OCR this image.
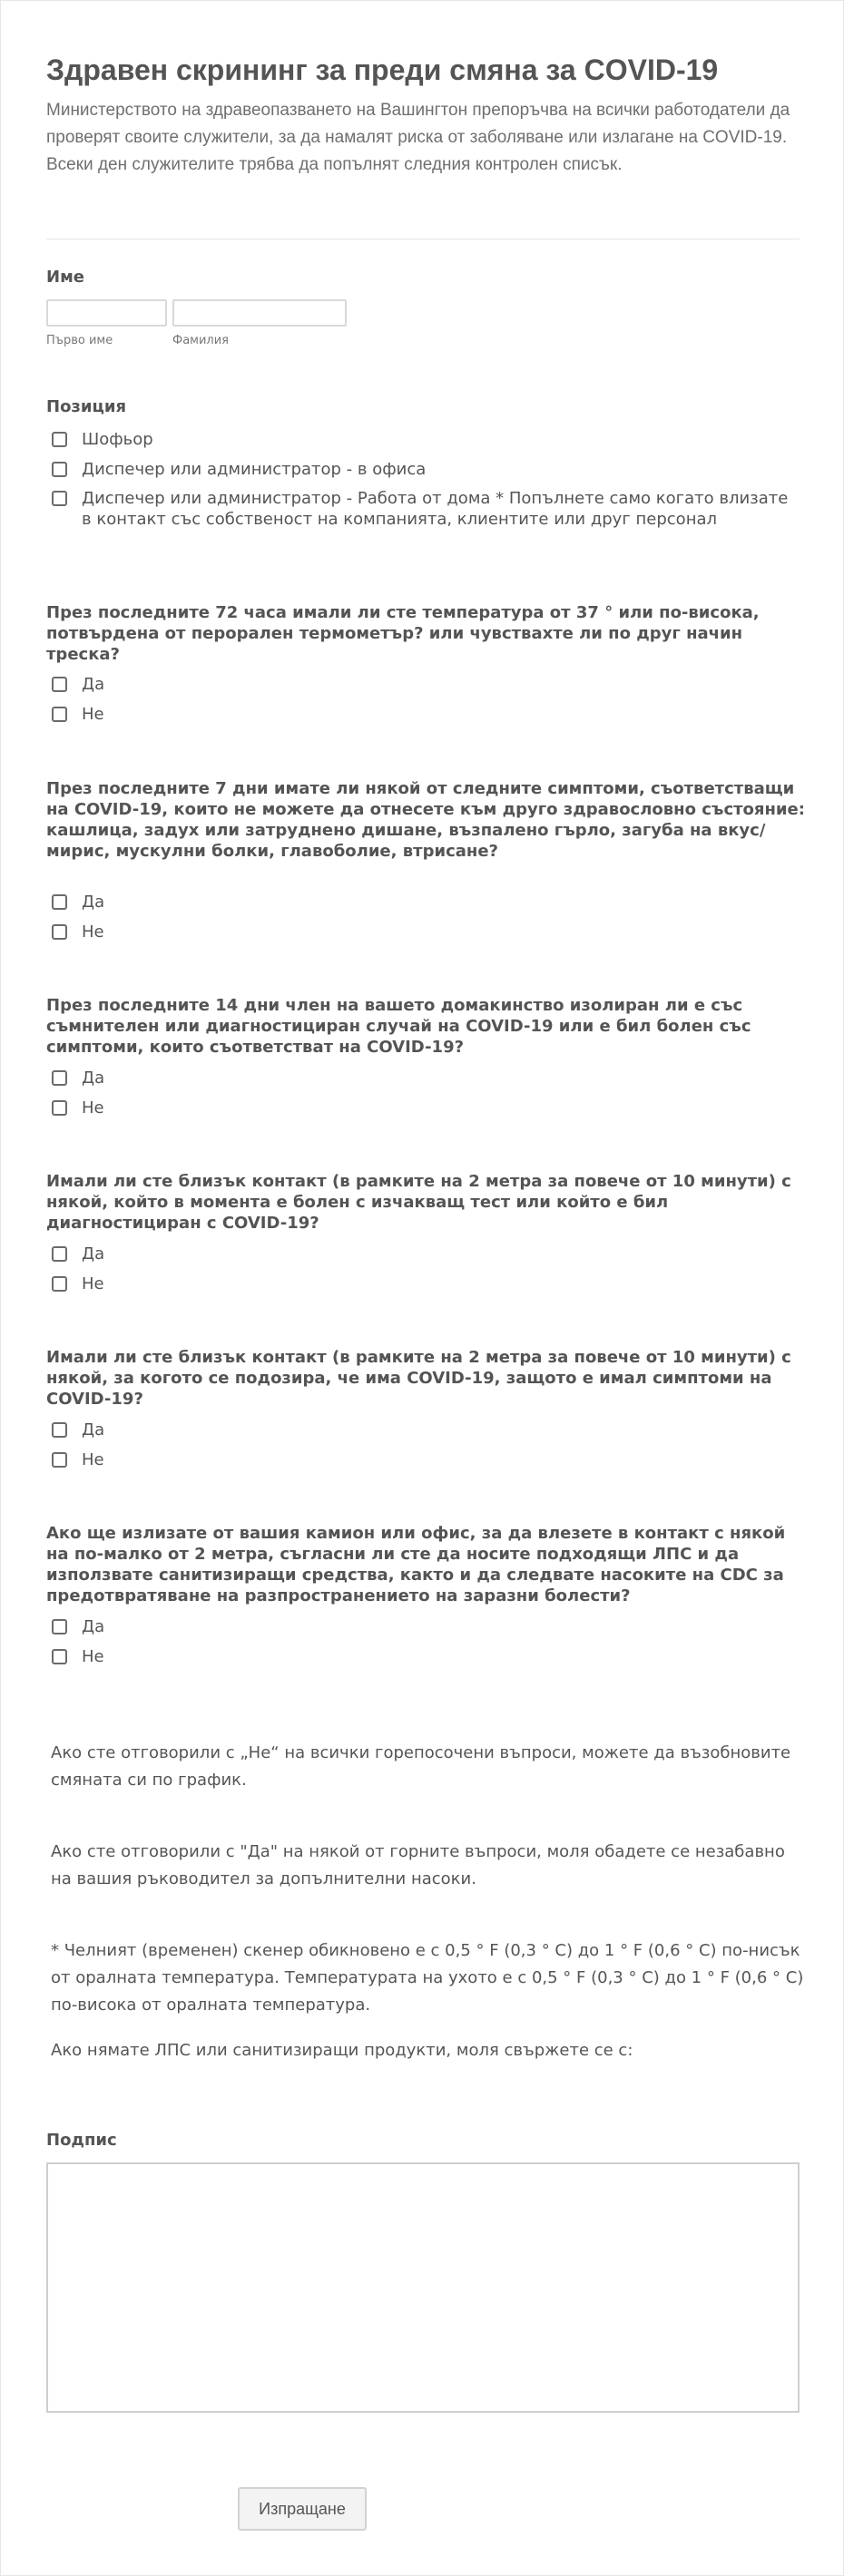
Здравен скрининг за преди смяна за COVID-19
Министерството на здравеопазването на Вашингтон препоръчва на всички работодатели да проверят своите служители, за да намалят риска от заболяване или излагане на COVID-19. Всеки ден служителите трябва да попълнят следния контролен списък.
Име
Първо име	Фамилия
Позиция
Шофьор
Диспечер или администратор - в офиса
Диспечер или администратор - Работа от дома * Попълнете само когато влизате в контакт със собственост на компанията, клиентите или друг персонал
През последните 72 часа имали ли сте температура от 37 ° или по-висока, потвърдена от перорален термометър? или чувствахте ли по друг начин треска?
Да
Не
През последните 7 дни имате ли някой от следните симптоми, съответстващи на COVID-19, които не можете да отнесете към друго здравословно състояние: кашлица, задух или затруднено дишане, възпалено гърло, загуба на вкус/мирис, мускулни болки, главоболие, втрисане?
Да
Не
През последните 14 дни член на вашето домакинство изолиран ли е със съмнителен или диагностициран случай на COVID-19 или е бил болен със симптоми, които съответстват на COVID-19?
Да
Не
Имали ли сте близък контакт (в рамките на 2 метра за повече от 10 минути) с някой, който в момента е болен с изчакващ тест или който е бил диагностициран с COVID-19?
Да
Не
Имали ли сте близък контакт (в рамките на 2 метра за повече от 10 минути) с някой, за когото се подозира, че има COVID-19, защото е имал симптоми на COVID-19?
Да
Не
Ако ще излизате от вашия камион или офис, за да влезете в контакт с някой на по-малко от 2 метра, съгласни ли сте да носите подходящи ЛПС и да използвате санитизиращи средства, както и да следвате насоките на CDC за предотвратяване на разпространението на заразни болести?
Да
Не
Ако сте отговорили с „Не“ на всички горепосочени въпроси, можете да възобновите смяната си по график.
Ако сте отговорили с "Да" на някой от горните въпроси, моля обадете се незабавно на вашия ръководител за допълнителни насоки.
* Челният (временен) скенер обикновено е с 0,5 ° F (0,3 ° C) до 1 ° F (0,6 ° C) по-нисък от оралната температура. Температурата на ухото е с 0,5 ° F (0,3 ° C) до 1 ° F (0,6 ° C) по-висока от оралната температура.
Ако нямате ЛПС или санитизиращи продукти, моля свържете се с:
Подпис
Изпращане
